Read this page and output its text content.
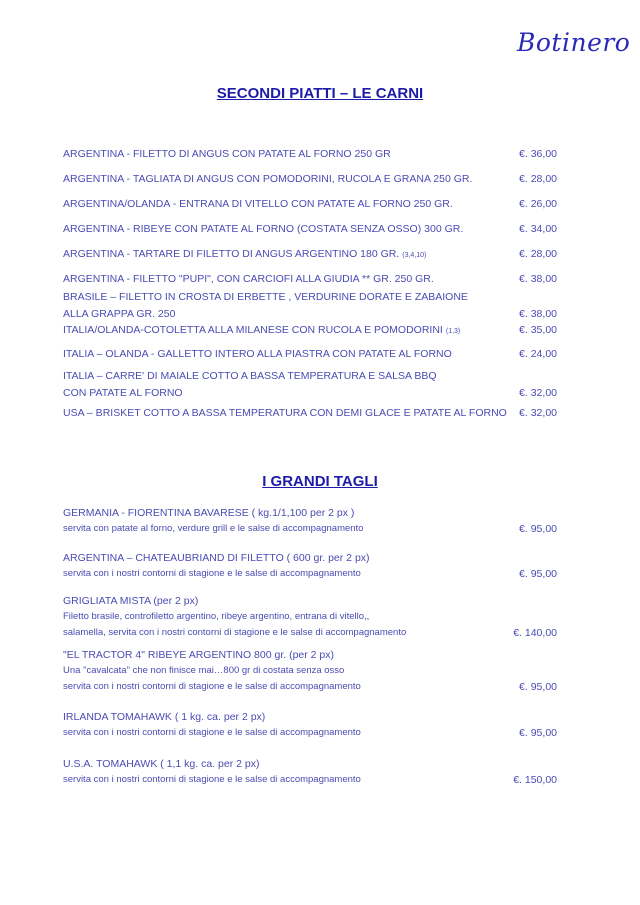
Botinero
SECONDI PIATTI – LE CARNI
ARGENTINA - FILETTO DI ANGUS CON PATATE AL FORNO 250 GR	€. 36,00
ARGENTINA - TAGLIATA DI ANGUS CON POMODORINI, RUCOLA E GRANA 250 GR.	€. 28,00
ARGENTINA/OLANDA - ENTRANA DI VITELLO CON PATATE AL FORNO 250 GR.	€. 26,00
ARGENTINA - RIBEYE CON PATATE AL FORNO (COSTATA SENZA OSSO) 300 GR.	€. 34,00
ARGENTINA - TARTARE DI FILETTO DI ANGUS ARGENTINO 180 GR. (3,4,10)	€. 28,00
ARGENTINA - FILETTO "PUPI", CON CARCIOFI ALLA GIUDIA ** GR. 250 GR.	€. 38,00
BRASILE – FILETTO IN CROSTA DI ERBETTE , VERDURINE DORATE E ZABAIONE
ALLA GRAPPA GR. 250	€. 38,00
ITALIA/OLANDA-COTOLETTA ALLA MILANESE CON RUCOLA E POMODORINI (1,3)	€. 35,00
ITALIA – OLANDA - GALLETTO INTERO ALLA PIASTRA CON PATATE AL FORNO	€. 24,00
ITALIA – CARRE' DI MAIALE COTTO A BASSA TEMPERATURA E SALSA BBQ
CON PATATE AL FORNO	€. 32,00
USA – BRISKET COTTO A BASSA TEMPERATURA CON DEMI GLACE E PATATE AL FORNO €. 32,00
I GRANDI TAGLI
GERMANIA - FIORENTINA BAVARESE ( kg.1/1,100 per 2 px )
servita con patate al forno, verdure grill e le salse di accompagnamento	€. 95,00
ARGENTINA – CHATEAUBRIAND DI FILETTO ( 600 gr. per 2 px)
servita con i nostri contorni di stagione e le salse di accompagnamento	€. 95,00
GRIGLIATA MISTA (per 2 px)
Filetto brasile, controfiletto argentino, ribeye argentino, entrana di vitello,,
salamella, servita con i nostri contorni di stagione e le salse di accompagnamento	€. 140,00
"EL TRACTOR 4" RIBEYE ARGENTINO 800 gr. (per 2 px)
Una "cavalcata" che non finisce mai…800 gr di costata senza osso
servita con i nostri contorni di stagione e le salse di accompagnamento	€. 95,00
IRLANDA TOMAHAWK ( 1 kg. ca. per 2 px)
servita con i nostri contorni di stagione e le salse di accompagnamento	€. 95,00
U.S.A. TOMAHAWK ( 1,1 kg. ca. per 2 px)
servita con i nostri contorni di stagione e le salse di accompagnamento	€. 150,00
